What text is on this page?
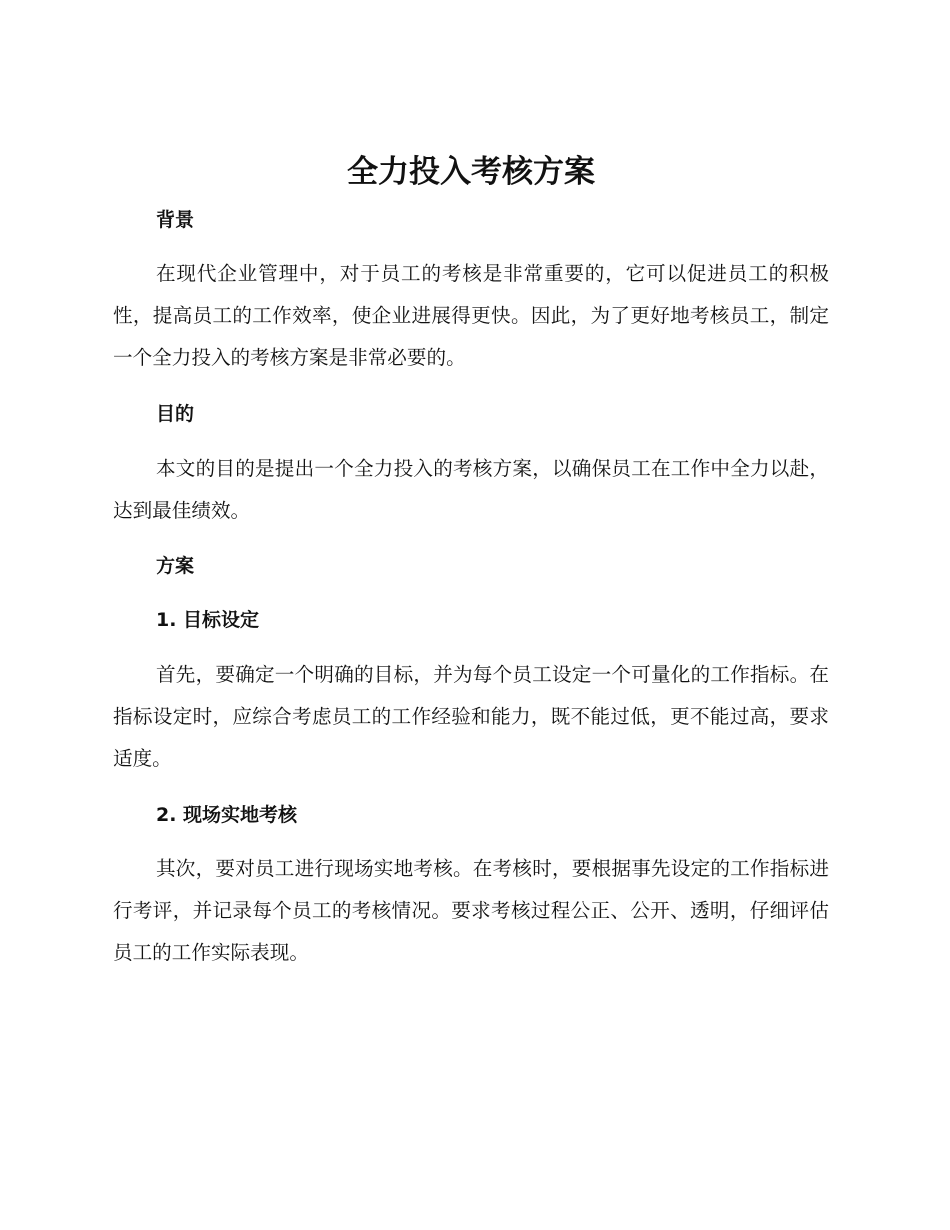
全力投入考核方案
背景

在现代企业管理中，对于员工的考核是非常重要的，它可以促进员工的积极性，提高员工的工作效率，使企业进展得更快。因此，为了更好地考核员工，制定一个全力投入的考核方案是非常必要的。

目的

本文的目的是提出一个全力投入的考核方案，以确保员工在工作中全力以赴，达到最佳绩效。

方案
1. 目标设定

首先，要确定一个明确的目标，并为每个员工设定一个可量化的工作指标。在指标设定时，应综合考虑员工的工作经验和能力，既不能过低，更不能过高，要求适度。

2. 现场实地考核

其次，要对员工进行现场实地考核。在考核时，要根据事先设定的工作指标进行考评，并记录每个员工的考核情况。要求考核过程公正、公开、透明，仔细评估员工的工作实际表现。
